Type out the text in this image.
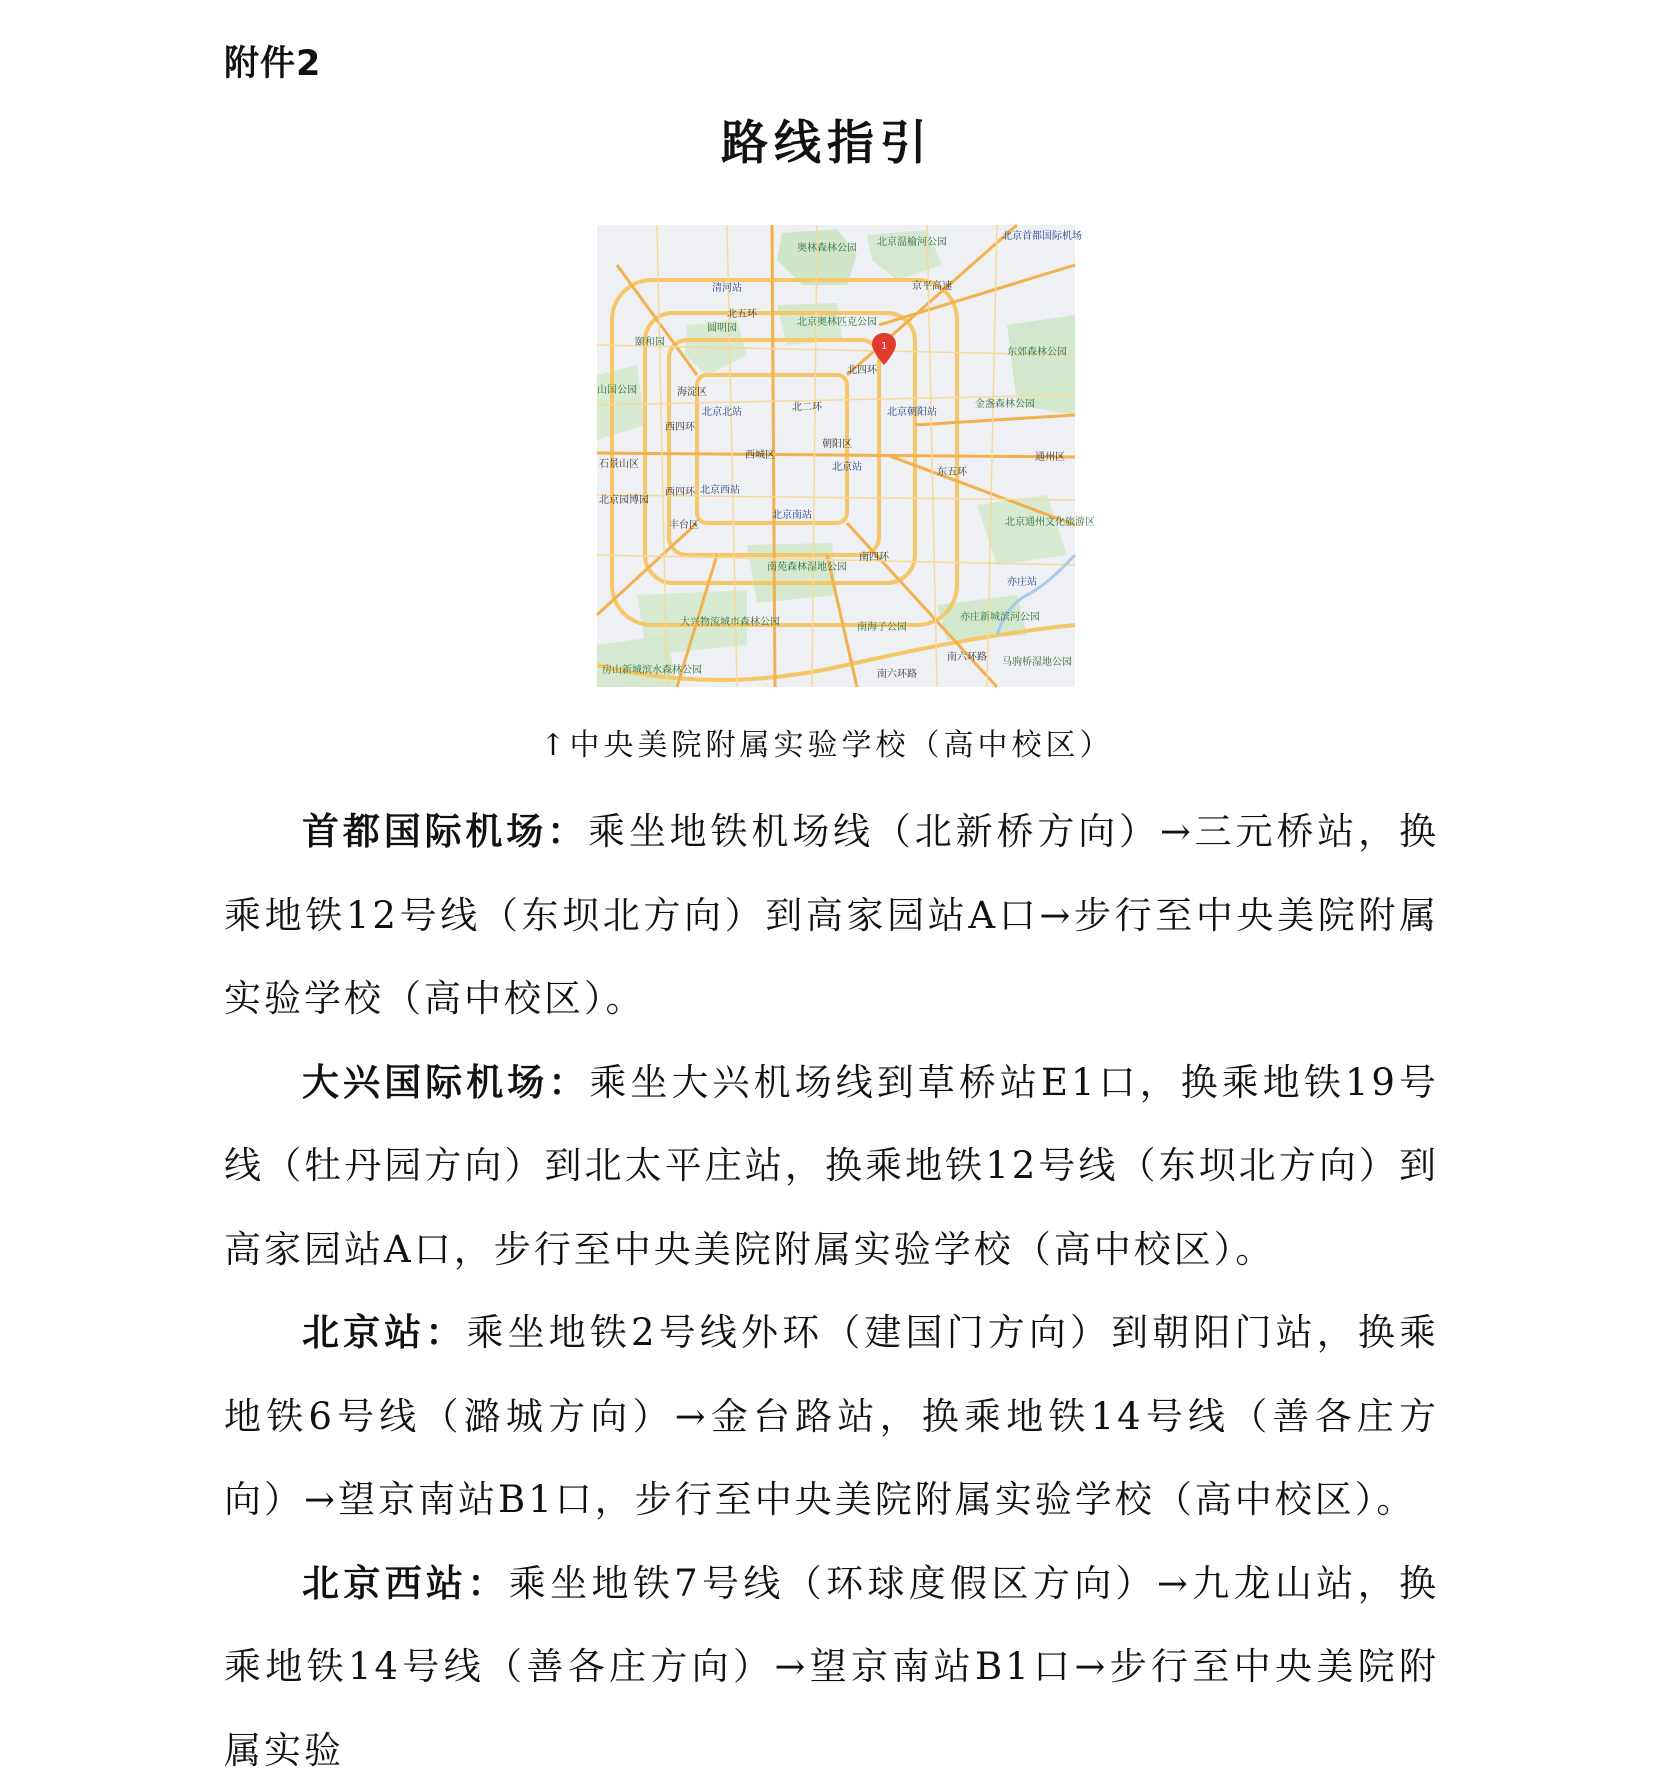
附件2
路线指引
奥林森林公园
北京温榆河公园
北京首都国际机场
清河站	京平高速
北五环
北京奥林匹克公园
圆明园
颐和园
东郊森林公园
北四环
海淀区
山国公园
北二环
北京北站	北京朝阳站
金盏森林公园
西四环
西城区
朝阳区
通州区
石景山区	北京站	东五环
北京西站
北京园博园
西四环
北京南站
丰台区	北京通州文化旅游区
南四环
南苑森林湿地公园
亦庄站
大兴物流城市森林公园	南海子公园
亦庄新城滨河公园
房山新城滨水森林公园	南六环路
马驹桥湿地公园
南六环路
1
↑中央美院附属实验学校（高中校区）

首都国际机场：乘坐地铁机场线（北新桥方向）→三元桥站，换乘地铁12号线（东坝北方向）到高家园站A口→步行至中央美院附属实验学校（高中校区）。

大兴国际机场：乘坐大兴机场线到草桥站E1口，换乘地铁19号线（牡丹园方向）到北太平庄站，换乘地铁12号线（东坝北方向）到高家园站A口，步行至中央美院附属实验学校（高中校区）。

北京站：乘坐地铁2号线外环（建国门方向）到朝阳门站，换乘地铁6号线（潞城方向）→金台路站，换乘地铁14号线（善各庄方向）→望京南站B1口，步行至中央美院附属实验学校（高中校区）。

北京西站：乘坐地铁7号线（环球度假区方向）→九龙山站，换乘地铁14号线（善各庄方向）→望京南站B1口→步行至中央美院附属实验
